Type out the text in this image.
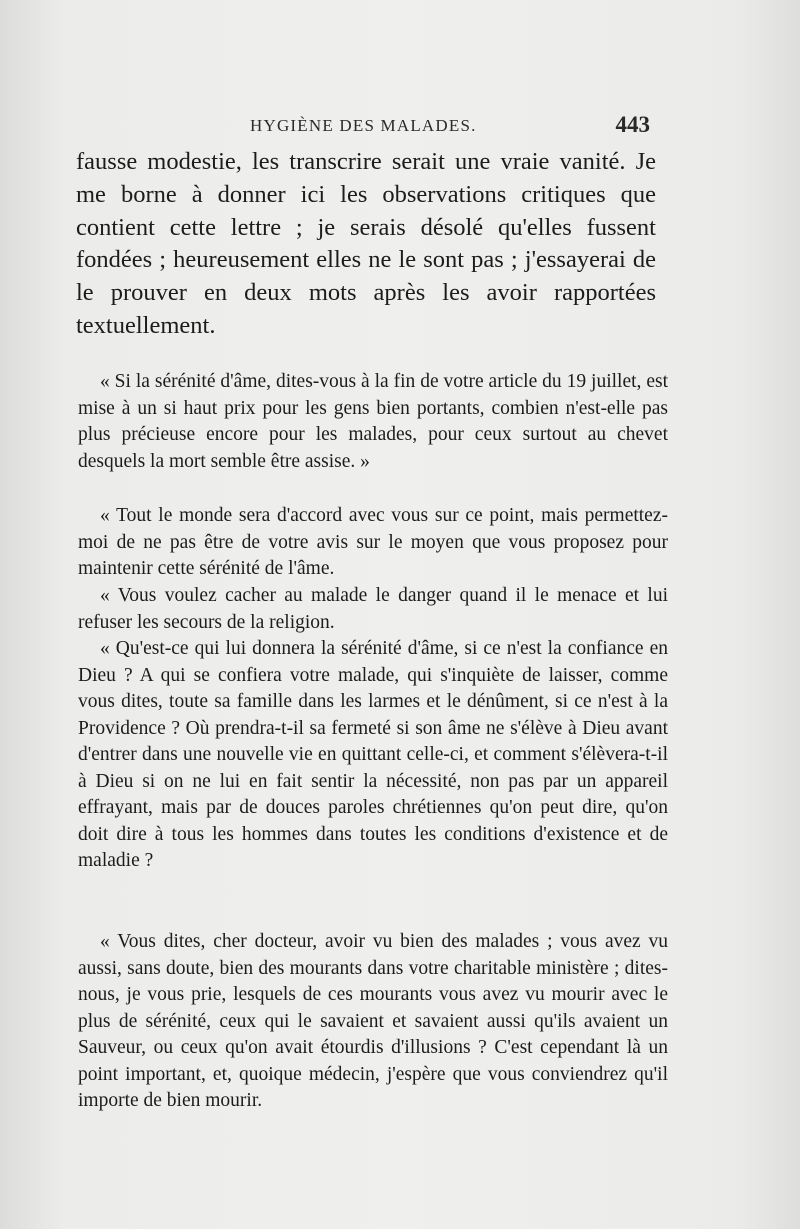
HYGIÈNE DES MALADES.	443

fausse modestie, les transcrire serait une vraie vanité. Je me borne à donner ici les observations critiques que contient cette lettre ; je serais désolé qu'elles fussent fondées ; heureusement elles ne le sont pas ; j'essayerai de le prouver en deux mots après les avoir rapportées textuellement.

« Si la sérénité d'âme, dites-vous à la fin de votre article du 19 juillet, est mise à un si haut prix pour les gens bien portants, combien n'est-elle pas plus précieuse encore pour les malades, pour ceux surtout au chevet desquels la mort semble être assise. »

« Tout le monde sera d'accord avec vous sur ce point, mais permettez-moi de ne pas être de votre avis sur le moyen que vous proposez pour maintenir cette sérénité de l'âme.

« Vous voulez cacher au malade le danger quand il le menace et lui refuser les secours de la religion.

« Qu'est-ce qui lui donnera la sérénité d'âme, si ce n'est la confiance en Dieu ? A qui se confiera votre malade, qui s'inquiète de laisser, comme vous dites, toute sa famille dans les larmes et le dénûment, si ce n'est à la Providence ? Où prendra-t-il sa fermeté si son âme ne s'élève à Dieu avant d'entrer dans une nouvelle vie en quittant celle-ci, et comment s'élèvera-t-il à Dieu si on ne lui en fait sentir la nécessité, non pas par un appareil effrayant, mais par de douces paroles chrétiennes qu'on peut dire, qu'on doit dire à tous les hommes dans toutes les conditions d'existence et de maladie ?

« Vous dites, cher docteur, avoir vu bien des malades ; vous avez vu aussi, sans doute, bien des mourants dans votre charitable ministère ; dites-nous, je vous prie, lesquels de ces mourants vous avez vu mourir avec le plus de sérénité, ceux qui le savaient et savaient aussi qu'ils avaient un Sauveur, ou ceux qu'on avait étourdis d'illusions ? C'est cependant là un point important, et, quoique médecin, j'espère que vous conviendrez qu'il importe de bien mourir.
